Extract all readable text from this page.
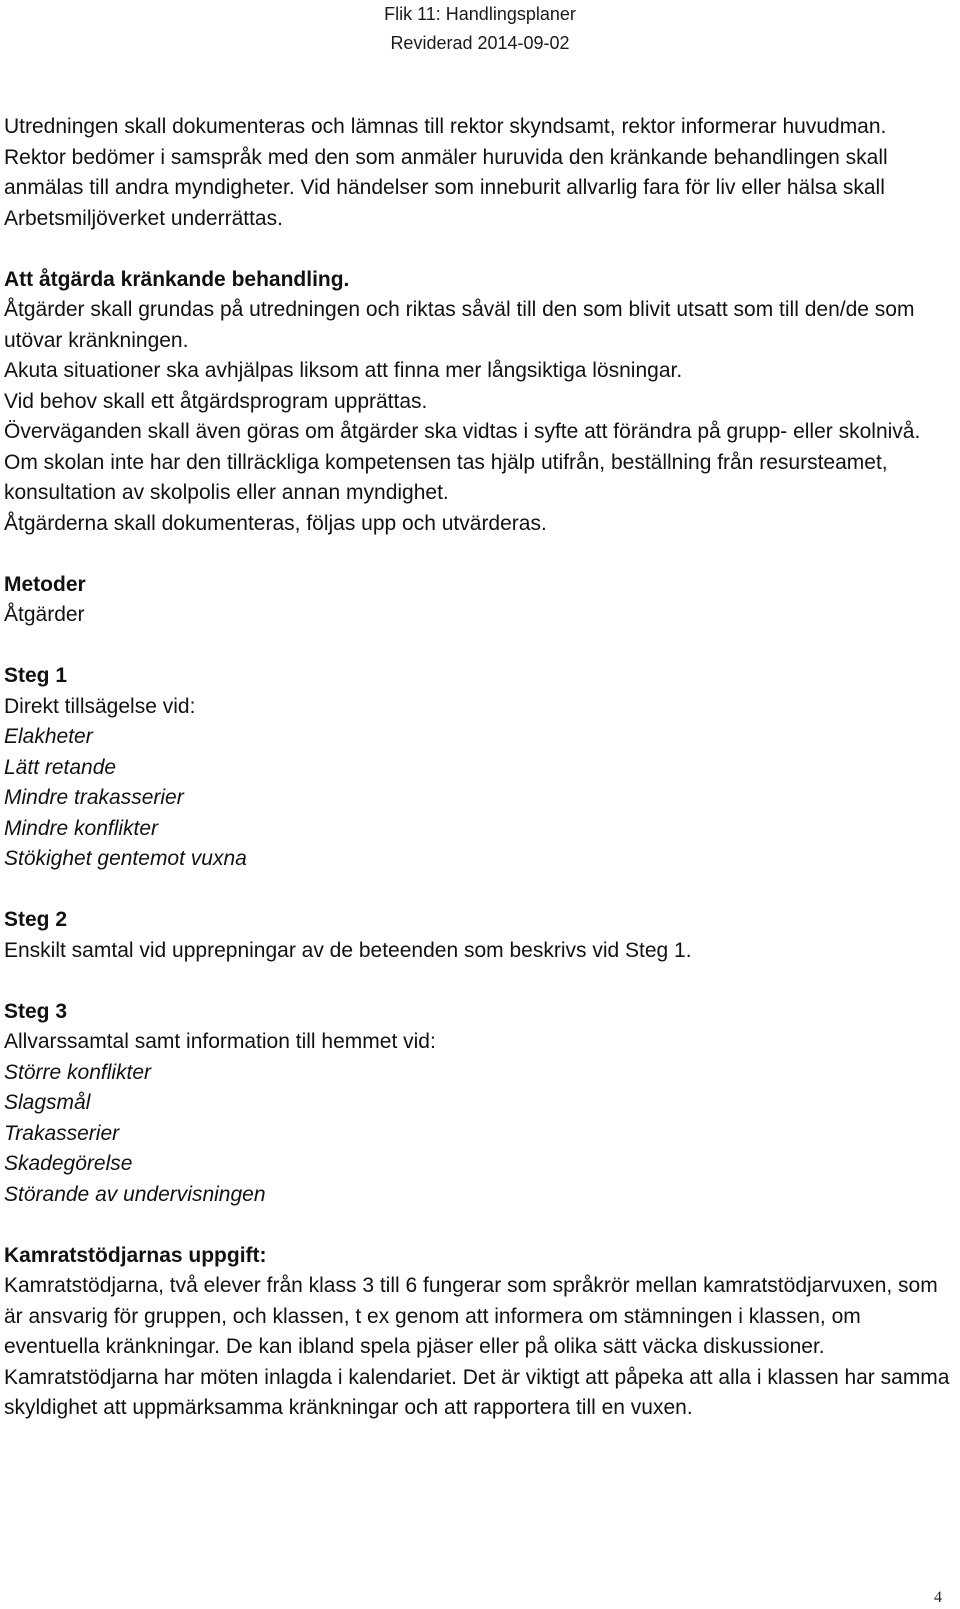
Flik 11: Handlingsplaner
Reviderad 2014-09-02

Utredningen skall dokumenteras och lämnas till rektor skyndsamt, rektor informerar huvudman.

Rektor bedömer i samspråk med den som anmäler huruvida den kränkande behandlingen skall anmälas till andra myndigheter. Vid händelser som inneburit allvarlig fara för liv eller hälsa skall Arbetsmiljöverket underrättas.

Att åtgärda kränkande behandling.

Åtgärder skall grundas på utredningen och riktas såväl till den som blivit utsatt som till den/de som utövar kränkningen.

Akuta situationer ska avhjälpas liksom att finna mer långsiktiga lösningar.

Vid behov skall ett åtgärdsprogram upprättas.

Överväganden skall även göras om åtgärder ska vidtas i syfte att förändra på grupp- eller skolnivå.

Om skolan inte har den tillräckliga kompetensen tas hjälp utifrån, beställning från resursteamet, konsultation av skolpolis eller annan myndighet.

Åtgärderna skall dokumenteras, följas upp och utvärderas.

Metoder

Åtgärder

Steg 1

Direkt tillsägelse vid:

Elakheter

Lätt retande

Mindre trakasserier

Mindre konflikter

Stökighet gentemot vuxna

Steg 2

Enskilt samtal vid upprepningar av de beteenden som beskrivs vid Steg 1.

Steg 3

Allvarssamtal samt information till hemmet vid:

Större konflikter

Slagsmål

Trakasserier

Skadegörelse

Störande av undervisningen

Kamratstödjarnas uppgift:

Kamratstödjarna, två elever från klass 3 till 6 fungerar som språkrör mellan kamratstödjarvuxen, som är ansvarig för gruppen, och klassen, t ex genom att informera om stämningen i klassen, om eventuella kränkningar. De kan ibland spela pjäser eller på olika sätt väcka diskussioner. Kamratstödjarna har möten inlagda i kalendariet. Det är viktigt att påpeka att alla i klassen har samma skyldighet att uppmärksamma kränkningar och att rapportera till en vuxen.

4
